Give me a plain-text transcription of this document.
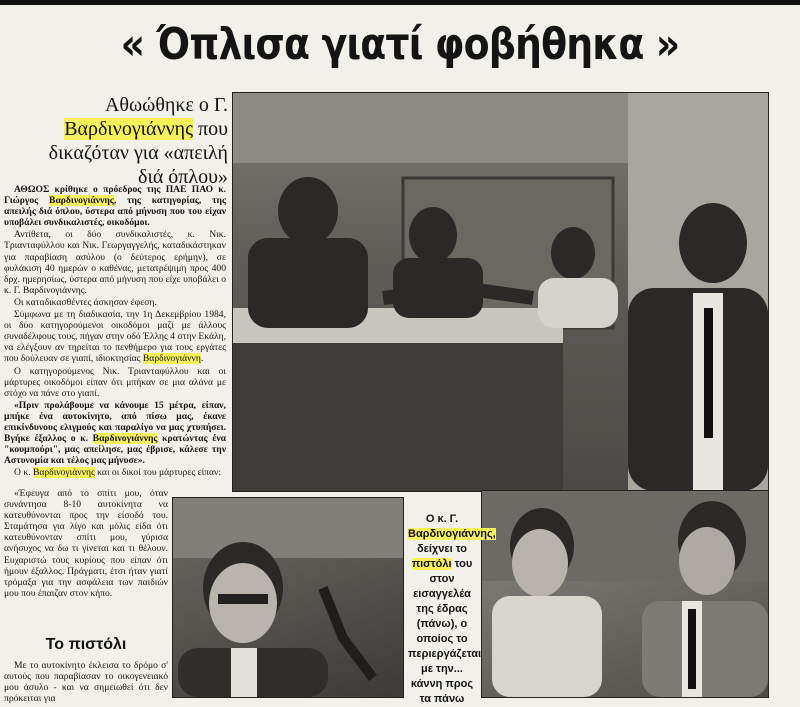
« Όπλισα γιατί φοβήθηκα »
Αθωώθηκε ο Γ.
Βαρδινογιάννης που δικαζόταν για «απειλή διά όπλου»

ΑΘΩΟΣ κρίθηκε ο πρόεδρος της ΠΑΕ ΠΑΟ κ. Γιώργος Βαρδινογιάννης, της κατηγορίας, της απειλής διά όπλου, ύστερα από μήνυση που του είχαν υποβάλει συνδικαλιστές, οικοδόμοι.

Αντίθετα, οι δύο συνδικαλιστές, κ. Νικ. Τριανταφύλλου και Νικ. Γεωργαγγελής, καταδικάστηκαν για παραβίαση ασύλου (ο δεύτερος ερήμην), σε φυλάκιση 40 ημερών ο καθένας, μετατρέψιμη προς 400 δρχ. ημερησίως, ύστερα από μήνυση που είχε υποβάλει ο κ. Γ. Βαρδινογιάννης.

Οι καταδικασθέντες άσκησαν έφεση.

Σύμφωνα με τη διαδικασία, την 1η Δεκεμβρίου 1984, οι δύο κατηγορούμενοι οικοδόμοι μαζί με άλλους συναδέλφους τους, πήγαν στην οδό Έλλης 4 στην Εκάλη, να ελέγξουν αν τηρείται το πενθήμερο για τους εργάτες που δούλευαν σε γιαπί, ιδιοκτησίας Βαρδινογιάννη.

Ο κατηγορούμενος Νικ. Τριανταφύλλου και οι μάρτυρες οικοδόμοι είπαν ότι μπήκαν σε μια αλάνα με στόχο να πάνε στο γιαπί.

«Πριν προλάβουμε να κάνουμε 15 μέτρα, είπαν, μπήκε ένα αυτοκίνητο, από πίσω μας, έκανε επικίνδυνους ελιγμούς και παραλίγο να μας χτυπήσει. Βγήκε έξαλλος ο κ. Βαρδινογιάννης κρατώντας ένα "κουμπούρι", μας απείλησε, μας έβρισε, κάλεσε την Αστυνομία και τέλος μας μήνυσε».

Ο κ. Βαρδινογιάννης και οι δικοί του μάρτυρες είπαν:

«Έφευγα από το σπίτι μου, όταν συνάντησα 8-10 αυτοκίνητα να κατευθύνονται προς την είσοδό του. Σταμάτησα για λίγο και μόλις είδα ότι κατευθύνονταν σπίτι μου, γύρισα ανήσυχος να δω τι γίνεται και τι θέλουν. Ευχαριστώ τους κυρίους που είπαν ότι ήμουν έξαλλος. Πράγματι, έτσι ήταν γιατί τρόμαξα για την ασφάλεια των παιδιών μου που έπαιζαν στον κήπο.

Το πιστόλι

Με το αυτοκίνητο έκλεισα το δρόμο σ' αυτούς που παραβίασαν το οικογενειακό μου άσυλο - και να σημειωθεί ότι δεν πρόκειται για

Ο κ. Γ.
Βαρδινογιάννης,
δείχνει το πιστόλι του στον εισαγγελέα της έδρας (πάνω), ο οποίος το περιεργάζεται με την... κάννη προς τα πάνω
